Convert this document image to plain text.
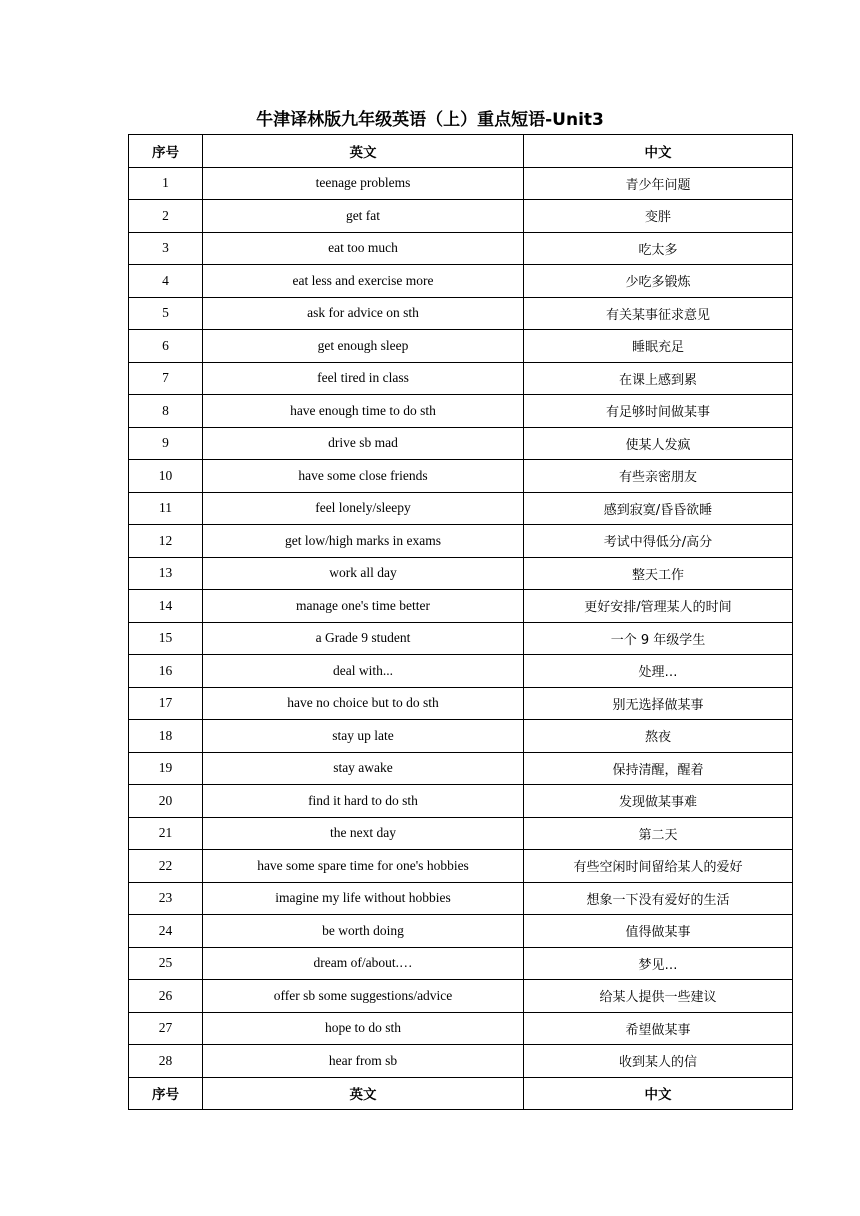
牛津译林版九年级英语（上）重点短语-Unit3
序号	英文	中文
1	teenage problems	青少年问题
2	get fat	变胖
3	eat too much	吃太多
4	eat less and exercise more	少吃多锻炼
5	ask for advice on sth	有关某事征求意见
6	get enough sleep	睡眠充足
7	feel tired in class	在课上感到累
8	have enough time to do sth	有足够时间做某事
9	drive sb mad	使某人发疯
10	have some close friends	有些亲密朋友
11	feel lonely/sleepy	感到寂寞/昏昏欲睡
12	get low/high marks in exams	考试中得低分/高分
13	work all day	整天工作
14	manage one's time better	更好安排/管理某人的时间
15	a Grade 9 student	一个 9 年级学生
16	deal with...	处理…
17	have no choice but to do sth	别无选择做某事
18	stay up late	熬夜
19	stay awake	保持清醒，醒着
20	find it hard to do sth	发现做某事难
21	the next day	第二天
22	have some spare time for one's hobbies	有些空闲时间留给某人的爱好
23	imagine my life without hobbies	想象一下没有爱好的生活
24	be worth doing	值得做某事
25	dream of/about.…	梦见…
26	offer sb some suggestions/advice	给某人提供一些建议
27	hope to do sth	希望做某事
28	hear from sb	收到某人的信
序号	英文	中文
